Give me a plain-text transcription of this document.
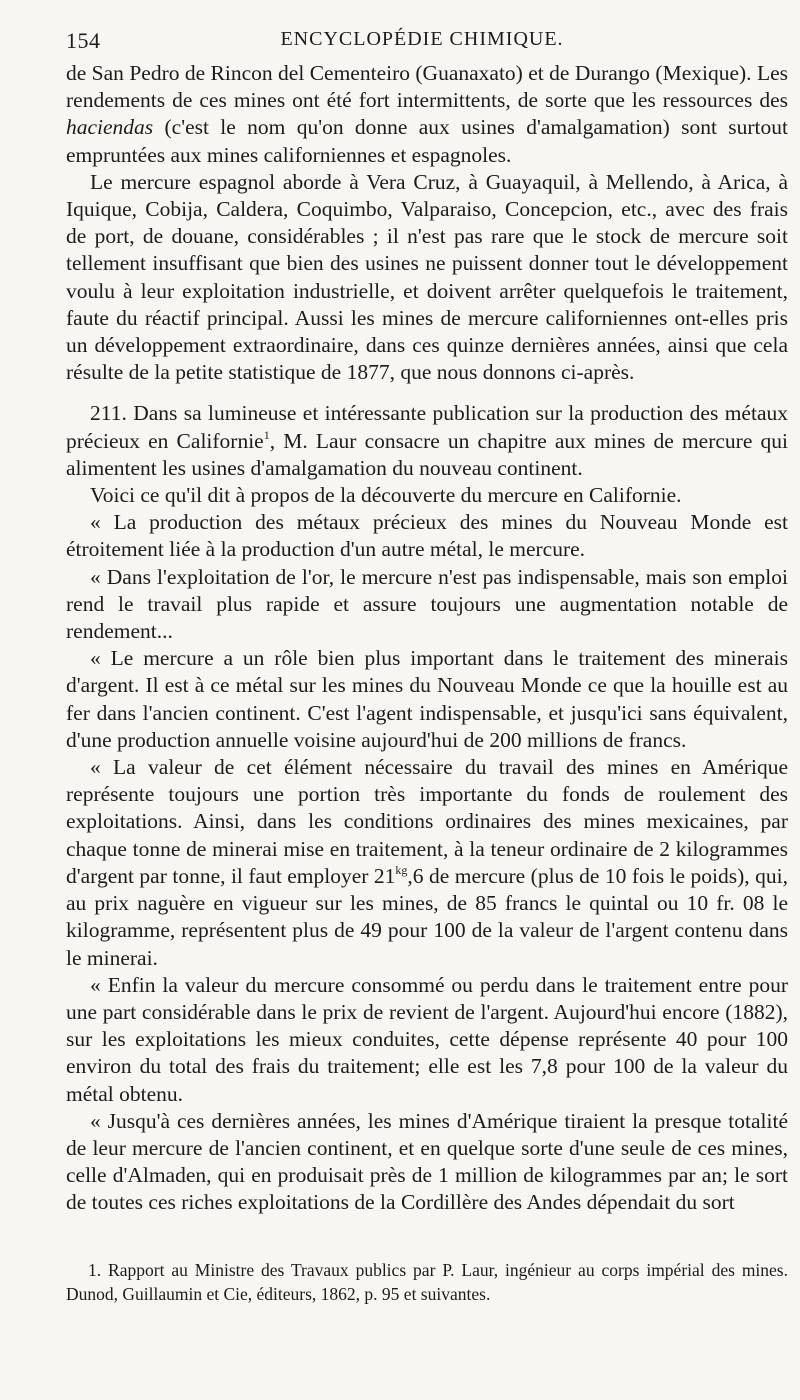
154	ENCYCLOPÉDIE CHIMIQUE.

de San Pedro de Rincon del Cementeiro (Guanaxato) et de Durango (Mexique). Les rendements de ces mines ont été fort intermittents, de sorte que les ressources des haciendas (c'est le nom qu'on donne aux usines d'amalgamation) sont surtout empruntées aux mines californiennes et espagnoles.

Le mercure espagnol aborde à Vera Cruz, à Guayaquil, à Mellendo, à Arica, à Iquique, Cobija, Caldera, Coquimbo, Valparaiso, Concepcion, etc., avec des frais de port, de douane, considérables ; il n'est pas rare que le stock de mercure soit tellement insuffisant que bien des usines ne puissent donner tout le développement voulu à leur exploitation industrielle, et doivent arrêter quelquefois le traitement, faute du réactif principal. Aussi les mines de mercure californiennes ont-elles pris un développement extraordinaire, dans ces quinze dernières années, ainsi que cela résulte de la petite statistique de 1877, que nous donnons ci-après.

211. Dans sa lumineuse et intéressante publication sur la production des métaux précieux en Californie$^1$, M. Laur consacre un chapitre aux mines de mercure qui alimentent les usines d'amalgamation du nouveau continent.

Voici ce qu'il dit à propos de la découverte du mercure en Californie.

« La production des métaux précieux des mines du Nouveau Monde est étroitement liée à la production d'un autre métal, le mercure.

« Dans l'exploitation de l'or, le mercure n'est pas indispensable, mais son emploi rend le travail plus rapide et assure toujours une augmentation notable de rendement...

« Le mercure a un rôle bien plus important dans le traitement des minerais d'argent. Il est à ce métal sur les mines du Nouveau Monde ce que la houille est au fer dans l'ancien continent. C'est l'agent indispensable, et jusqu'ici sans équivalent, d'une production annuelle voisine aujourd'hui de 200 millions de francs.

« La valeur de cet élément nécessaire du travail des mines en Amérique représente toujours une portion très importante du fonds de roulement des exploitations. Ainsi, dans les conditions ordinaires des mines mexicaines, par chaque tonne de minerai mise en traitement, à la teneur ordinaire de 2 kilogrammes d'argent par tonne, il faut employer $21^{kg},6$ de mercure (plus de 10 fois le poids), qui, au prix naguère en vigueur sur les mines, de 85 francs le quintal ou 10 fr. 08 le kilogramme, représentent plus de 49 pour 100 de la valeur de l'argent contenu dans le minerai.

« Enfin la valeur du mercure consommé ou perdu dans le traitement entre pour une part considérable dans le prix de revient de l'argent. Aujourd'hui encore (1882), sur les exploitations les mieux conduites, cette dépense représente 40 pour 100 environ du total des frais du traitement; elle est les 7,8 pour 100 de la valeur du métal obtenu.

« Jusqu'à ces dernières années, les mines d'Amérique tiraient la presque totalité de leur mercure de l'ancien continent, et en quelque sorte d'une seule de ces mines, celle d'Almaden, qui en produisait près de 1 million de kilogrammes par an; le sort de toutes ces riches exploitations de la Cordillère des Andes dépendait du sort

1. Rapport au Ministre des Travaux publics par P. Laur, ingénieur au corps impérial des mines. Dunod, Guillaumin et Cie, éditeurs, 1862, p. 95 et suivantes.
